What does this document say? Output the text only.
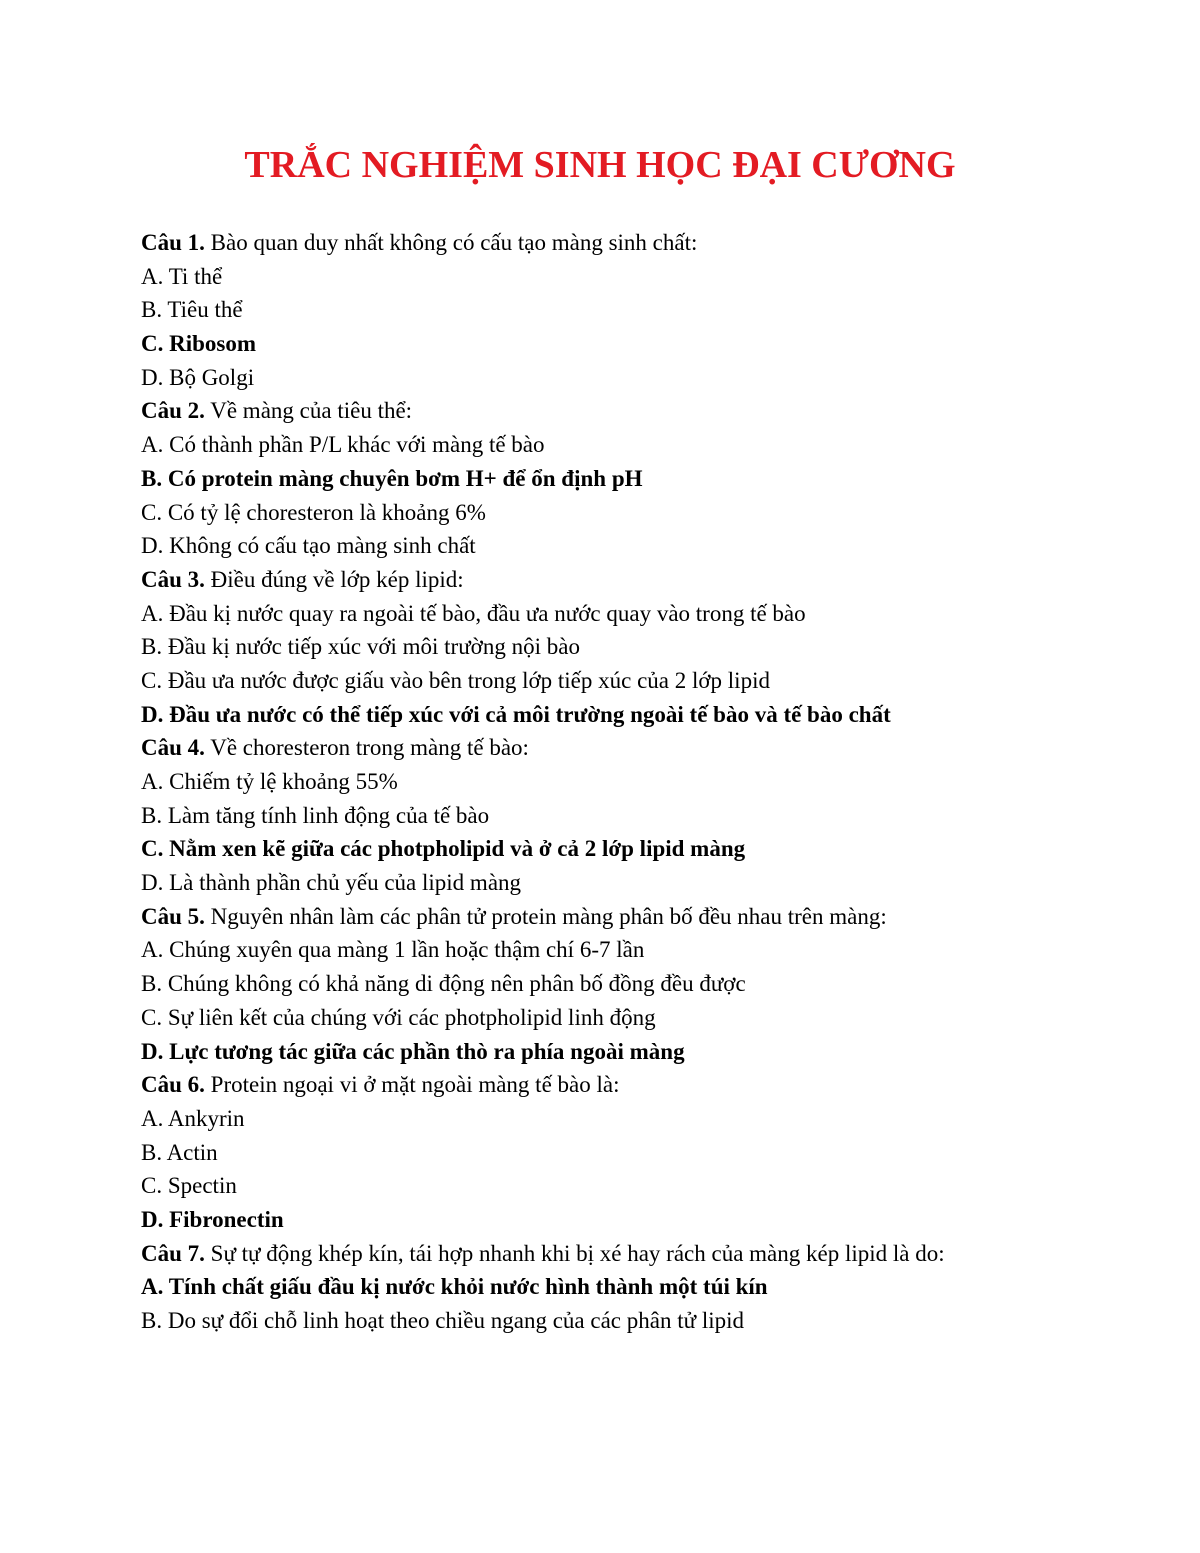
TRẮC NGHIỆM SINH HỌC ĐẠI CƯƠNG
Câu 1. Bào quan duy nhất không có cấu tạo màng sinh chất:
A. Ti thể
B. Tiêu thể
C. Ribosom
D. Bộ Golgi
Câu 2. Về màng của tiêu thể:
A. Có thành phần P/L khác với màng tế bào
B. Có protein màng chuyên bơm H+ để ổn định pH
C. Có tỷ lệ choresteron là khoảng 6%
D. Không có cấu tạo màng sinh chất
Câu 3. Điều đúng về lớp kép lipid:
A. Đầu kị nước quay ra ngoài tế bào, đầu ưa nước quay vào trong tế bào
B. Đầu kị nước tiếp xúc với môi trường nội bào
C. Đầu ưa nước được giấu vào bên trong lớp tiếp xúc của 2 lớp lipid
D. Đầu ưa nước có thể tiếp xúc với cả môi trường ngoài tế bào và tế bào chất
Câu 4. Về choresteron trong màng tế bào:
A. Chiếm tỷ lệ khoảng 55%
B. Làm tăng tính linh động của tế bào
C. Nằm xen kẽ giữa các photpholipid và ở cả 2 lớp lipid màng
D. Là thành phần chủ yếu của lipid màng
Câu 5. Nguyên nhân làm các phân tử protein màng phân bố đều nhau trên màng:
A. Chúng xuyên qua màng 1 lần hoặc thậm chí 6-7 lần
B. Chúng không có khả năng di động nên phân bố đồng đều được
C. Sự liên kết của chúng với các photpholipid linh động
D. Lực tương tác giữa các phần thò ra phía ngoài màng
Câu 6. Protein ngoại vi ở mặt ngoài màng tế bào là:
A. Ankyrin
B. Actin
C. Spectin
D. Fibronectin
Câu 7. Sự tự động khép kín, tái hợp nhanh khi bị xé hay rách của màng kép lipid là do:
A. Tính chất giấu đầu kị nước khỏi nước hình thành một túi kín
B. Do sự đổi chỗ linh hoạt theo chiều ngang của các phân tử lipid
